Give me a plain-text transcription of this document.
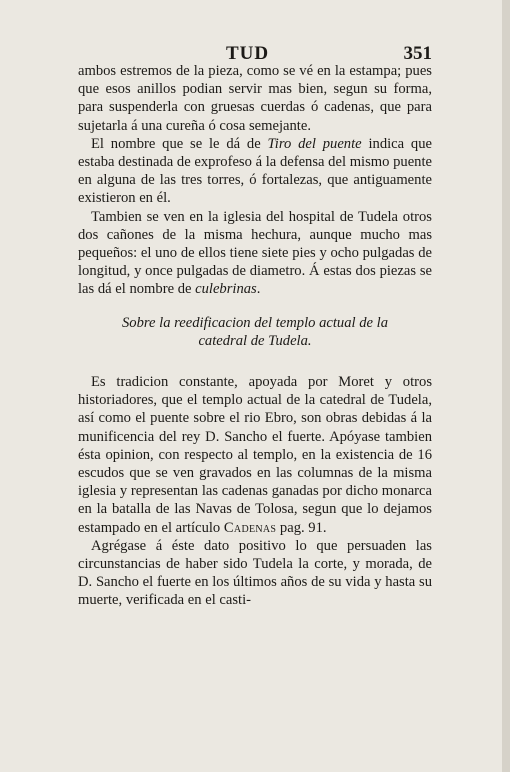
TUD	351

ambos estremos de la pieza, como se vé en la estampa; pues que esos anillos podian servir mas bien, segun su forma, para suspenderla con gruesas cuerdas ó cadenas, que para sujetarla á una cureña ó cosa semejante.

El nombre que se le dá de Tiro del puente indica que estaba destinada de exprofeso á la defensa del mismo puente en alguna de las tres torres, ó fortalezas, que antiguamente existieron en él.

Tambien se ven en la iglesia del hospital de Tudela otros dos cañones de la misma hechura, aunque mucho mas pequeños: el uno de ellos tiene siete pies y ocho pulgadas de longitud, y once pulgadas de diametro. Á estas dos piezas se las dá el nombre de culebrinas.

Sobre la reedificacion del templo actual de la
catedral de Tudela.

Es tradicion constante, apoyada por Moret y otros historiadores, que el templo actual de la catedral de Tudela, así como el puente sobre el rio Ebro, son obras debidas á la munificencia del rey D. Sancho el fuerte. Apóyase tambien ésta opinion, con respecto al templo, en la existencia de 16 escudos que se ven gravados en las columnas de la misma iglesia y representan las cadenas ganadas por dicho monarca en la batalla de las Navas de Tolosa, segun que lo dejamos estampado en el artículo Cadenas pag. 91.

Agrégase á éste dato positivo lo que persuaden las circunstancias de haber sido Tudela la corte, y morada, de D. Sancho el fuerte en los últimos años de su vida y hasta su muerte, verificada en el casti-
